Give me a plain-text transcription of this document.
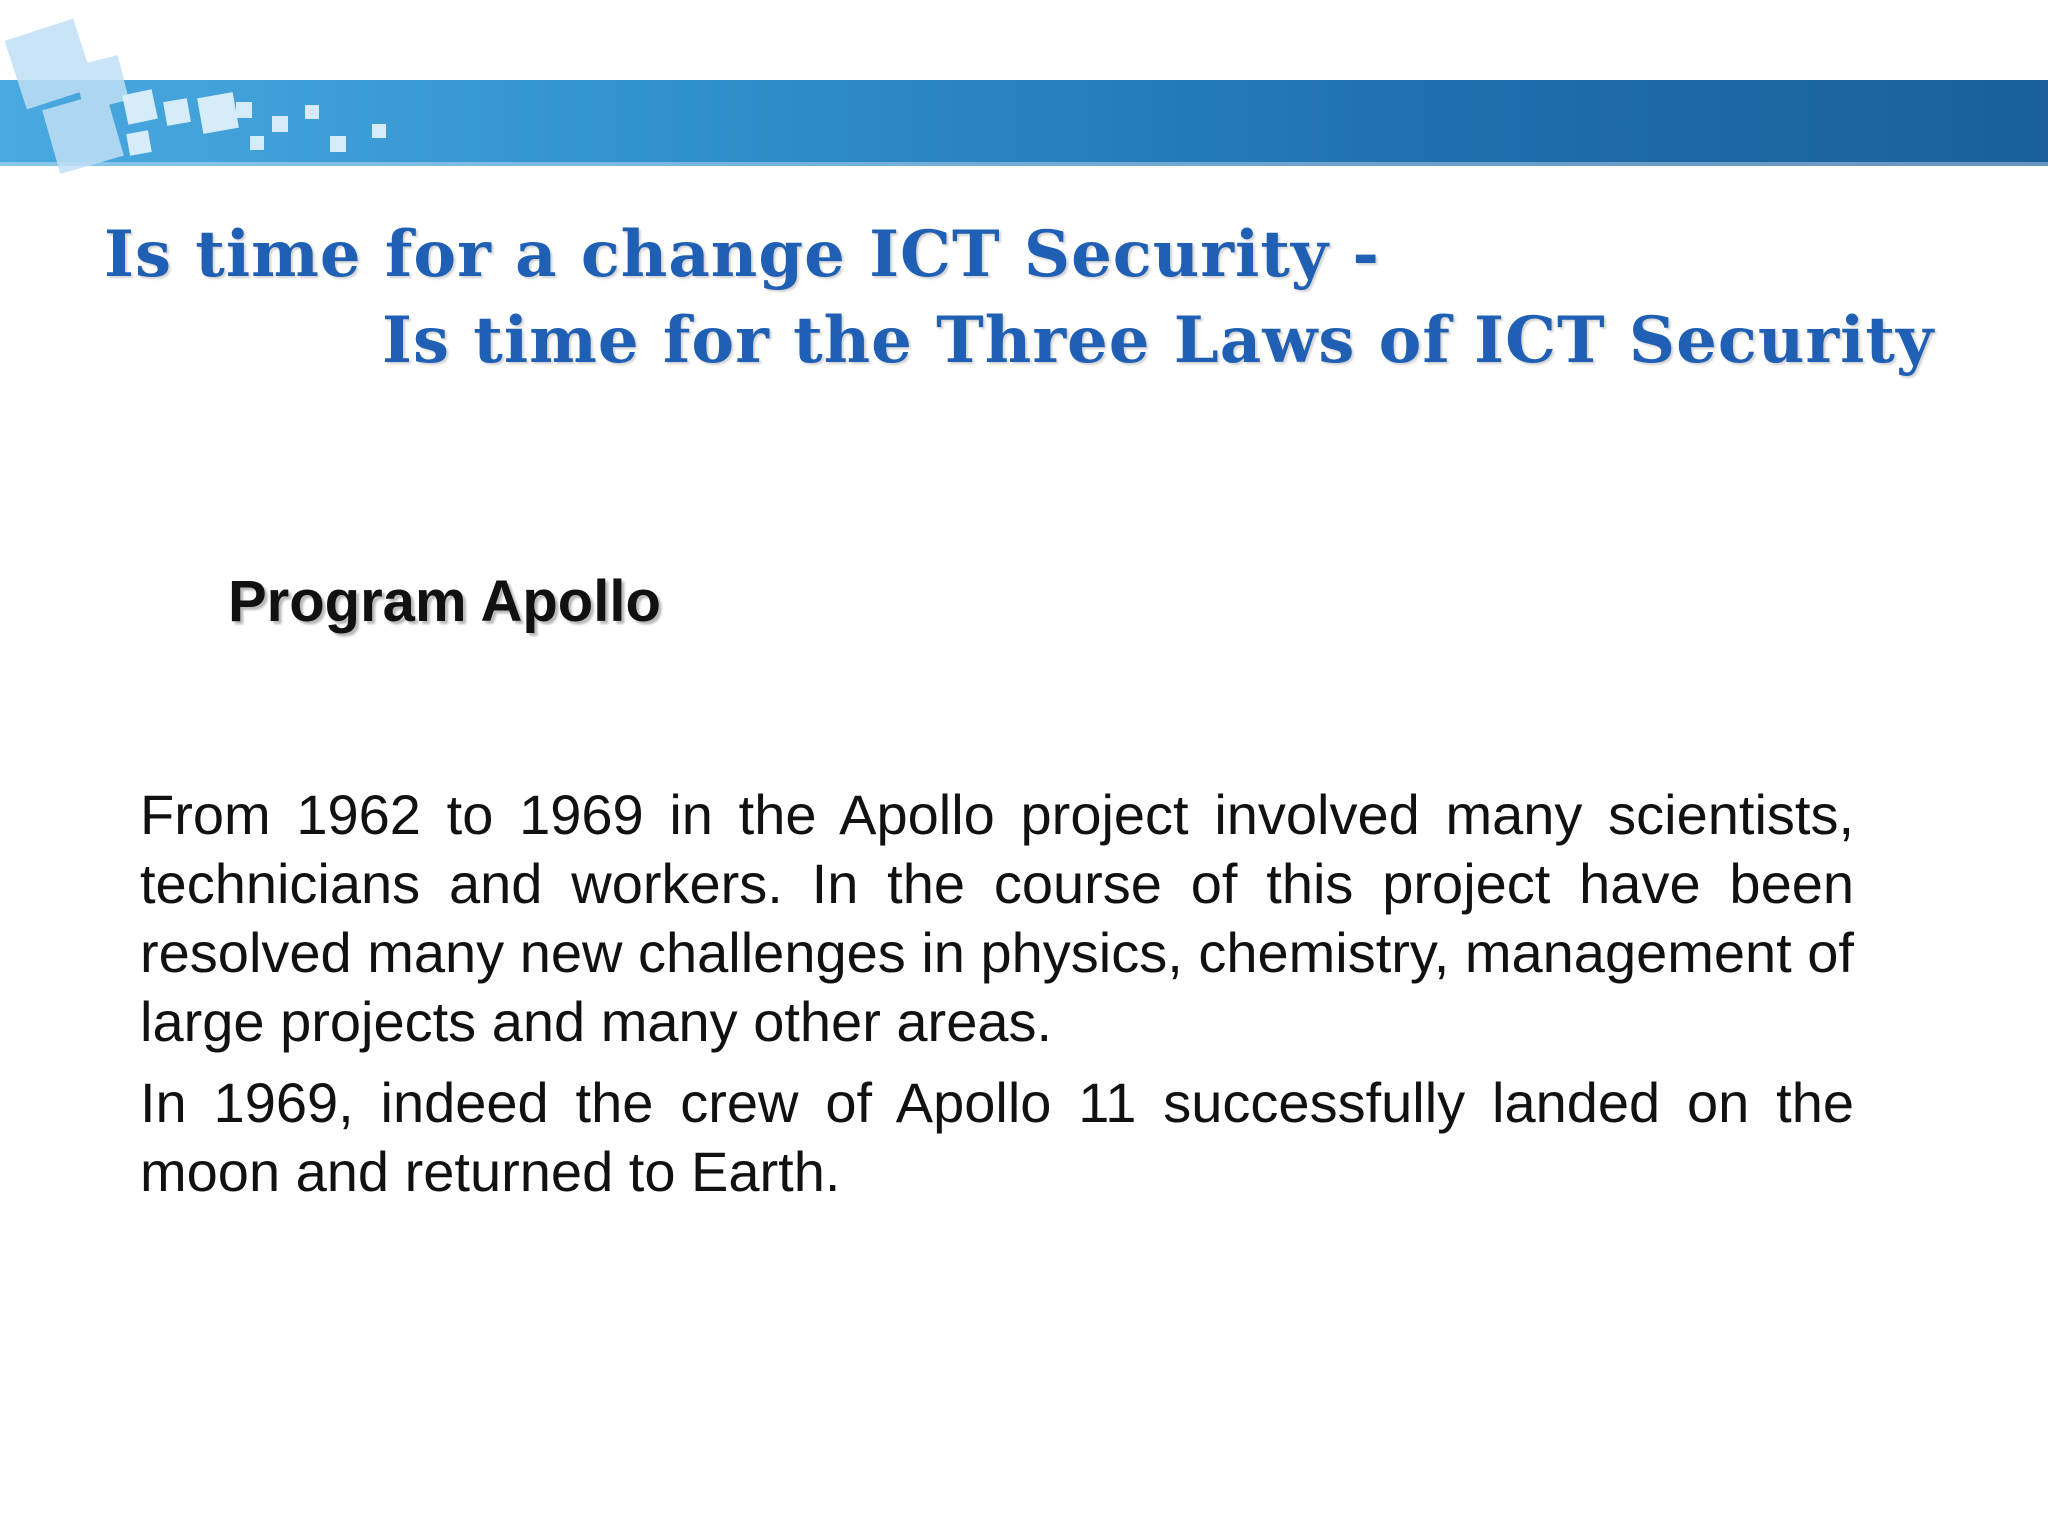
Is time for a change ICT Security -
Is time for the Three Laws of ICT Security
Program Apollo

From 1962 to 1969 in the Apollo project involved many scientists, technicians and workers. In the course of this project have been resolved many new challenges in physics, chemistry, management of large projects and many other areas.

In 1969, indeed the crew of Apollo 11 successfully landed on the moon and returned to Earth.
